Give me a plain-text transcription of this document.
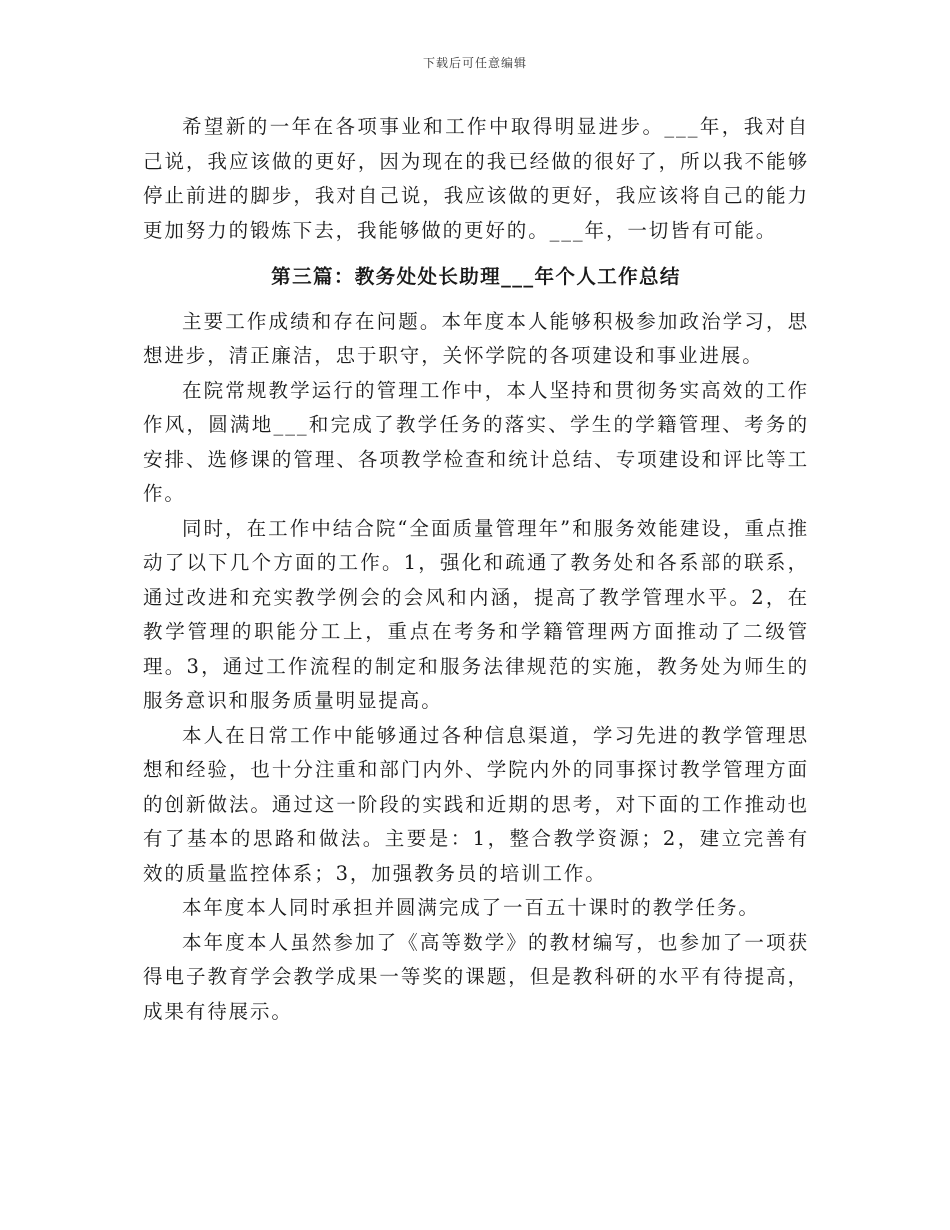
下载后可任意编辑

希望新的一年在各项事业和工作中取得明显进步。___年，我对自己说，我应该做的更好，因为现在的我已经做的很好了，所以我不能够停止前进的脚步，我对自己说，我应该做的更好，我应该将自己的能力更加努力的锻炼下去，我能够做的更好的。___年，一切皆有可能。

第三篇：教务处处长助理___年个人工作总结

主要工作成绩和存在问题。本年度本人能够积极参加政治学习，思想进步，清正廉洁，忠于职守，关怀学院的各项建设和事业进展。

在院常规教学运行的管理工作中，本人坚持和贯彻务实高效的工作作风，圆满地___和完成了教学任务的落实、学生的学籍管理、考务的安排、选修课的管理、各项教学检查和统计总结、专项建设和评比等工作。

同时，在工作中结合院“全面质量管理年”和服务效能建设，重点推动了以下几个方面的工作。1，强化和疏通了教务处和各系部的联系，通过改进和充实教学例会的会风和内涵，提高了教学管理水平。2，在教学管理的职能分工上，重点在考务和学籍管理两方面推动了二级管理。3，通过工作流程的制定和服务法律规范的实施，教务处为师生的服务意识和服务质量明显提高。

本人在日常工作中能够通过各种信息渠道，学习先进的教学管理思想和经验，也十分注重和部门内外、学院内外的同事探讨教学管理方面的创新做法。通过这一阶段的实践和近期的思考，对下面的工作推动也有了基本的思路和做法。主要是：1，整合教学资源；2，建立完善有效的质量监控体系；3，加强教务员的培训工作。

本年度本人同时承担并圆满完成了一百五十课时的教学任务。

本年度本人虽然参加了《高等数学》的教材编写，也参加了一项获得电子教育学会教学成果一等奖的课题，但是教科研的水平有待提高，成果有待展示。
